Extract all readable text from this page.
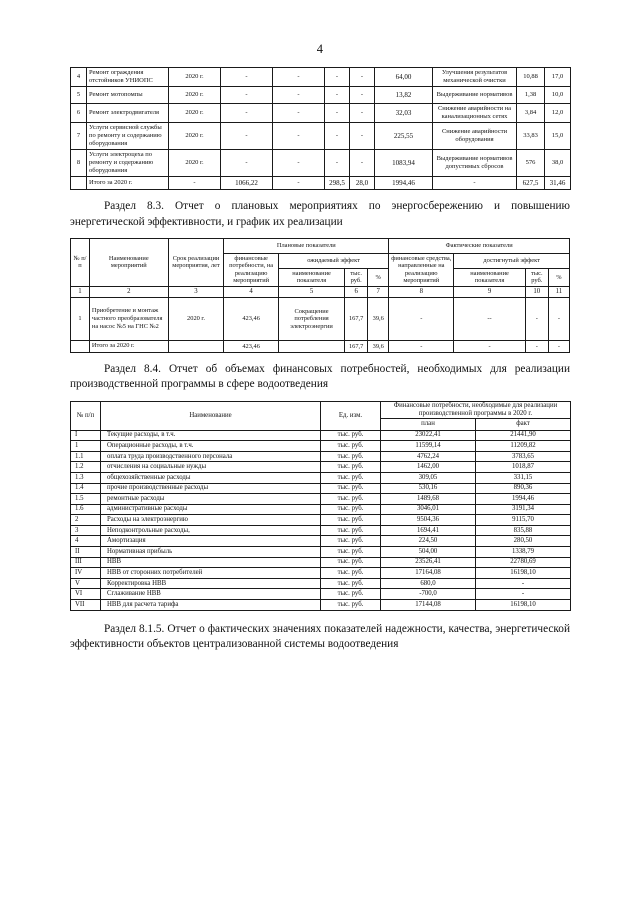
4
4	Ремонт ограждения отстойников УНИОПС	2020 г.	-	-	-	-	64,00	Улучшения результатов механической очистки	10,88	17,0
5	Ремонт мотопомпы	2020 г.	-	-	-	-	13,82	Выдерживание нормативов	1,38	10,0
6	Ремонт электродвигателя	2020 г.	-	-	-	-	32,03	Снижение аварийности на канализационных сетях	3,84	12,0
7	Услуги сервисной службы по ремонту и содержанию оборудования	2020 г.	-	-	-	-	225,55	Снижение аварийности оборудования	33,83	15,0
8	Услуги электроцеха по ремонту и содержанию оборудования	2020 г.	-	-	-	-	1083,94	Выдерживание нормативов допустимых сбросов	576	38,0
	Итого за 2020 г.	-	1066,22	-	298,5	28,0	1994,46	-	627,5	31,46

Раздел 8.3. Отчет о плановых мероприятиях по энергосбережению и повышению энергетической эффективности, и график их реализации

№ п/п	Наименование мероприятий	Срок реализации мероприятия, лет	Плановые показатели				Фактические показатели			
			финансовые потребности, на реализацию мероприятий	ожидаемый эффект			финансовые средства, направленные на реализацию мероприятий	достигнутый эффект		
				наименование показателя	тыс. руб.	%		наименование показателя	тыс. руб.	%
1	2	3	4	5	6	7	8	9	10	11
1	Приобретение и монтаж частного преобразователя на насос №5 на ГНС №2	2020 г.	423,46	Сокращение потребления электроэнергии	167,7	39,6	-	--	-	-
	Итого за 2020 г.		423,46		167,7	39,6	-	-	-	-

Раздел 8.4. Отчет об объемах финансовых потребностей, необходимых для реализации производственной программы в сфере водоотведения

№ п/п	Наименование	Ед. изм.	Финансовые потребности, необходимые для реализации производственной программы в 2020 г.	
			план	факт
I	Текущие расходы, в т.ч.	тыс. руб.	23022,41	21441,90
1	Операционные расходы, в т.ч.	тыс. руб.	11599,14	11209,82
1.1	оплата труда производственного персонала	тыс. руб.	4762,24	3783,65
1.2	отчисления на социальные нужды	тыс. руб.	1462,00	1018,87
1.3	общехозяйственные расходы	тыс. руб.	309,05	331,15
1.4	прочие производственные расходы	тыс. руб.	530,16	890,36
1.5	ремонтные расходы	тыс. руб.	1489,68	1994,46
1.6	административные расходы	тыс. руб.	3046,01	3191,34
2	Расходы на электроэнергию	тыс. руб.	9504,36	9115,70
3	Неподконтрольные расходы,	тыс. руб.	1694,41	835,88
4	Амортизация	тыс. руб.	224,50	280,50
II	Нормативная прибыль	тыс. руб.	504,00	1338,79
III	НВВ	тыс. руб.	23526,41	22780,69
IV	НВВ от сторонних потребителей	тыс. руб.	17164,08	16198,10
V	Корректировка НВВ	тыс. руб.	680,0	-
VI	Сглаживание НВВ	тыс. руб.	-700,0	-
VII	НВВ для расчета тарифа	тыс. руб.	17144,08	16198,10

Раздел 8.1.5. Отчет о фактических значениях показателей надежности, качества, энергетической эффективности объектов централизованной системы водоотведения
